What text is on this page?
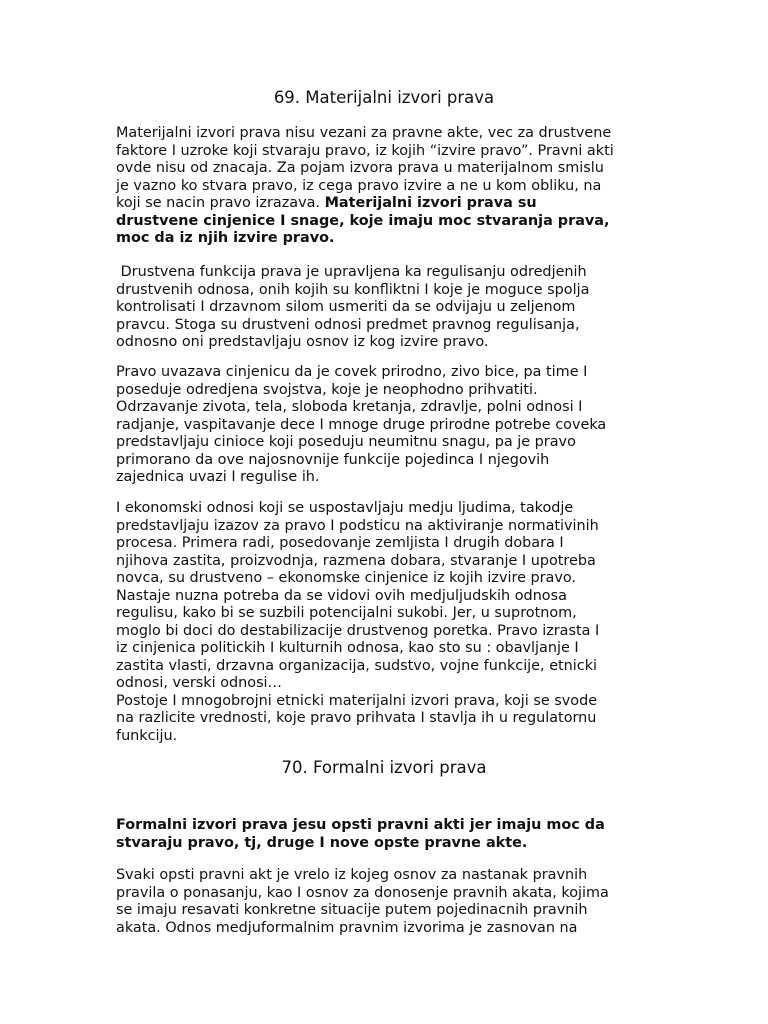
69. Materijalni izvori prava
Materijalni izvori prava nisu vezani za pravne akte, vec za drustvene
faktore I uzroke koji stvaraju pravo, iz kojih “izvire pravo”. Pravni akti
ovde nisu od znacaja. Za pojam izvora prava u materijalnom smislu
je vazno ko stvara pravo, iz cega pravo izvire a ne u kom obliku, na
koji se nacin pravo izrazava. Materijalni izvori prava su
drustvene cinjenice I snage, koje imaju moc stvaranja prava,
moc da iz njih izvire pravo.
Drustvena funkcija prava je upravljena ka regulisanju odredjenih
drustvenih odnosa, onih kojih su konfliktni I koje je moguce spolja
kontrolisati I drzavnom silom usmeriti da se odvijaju u zeljenom
pravcu. Stoga su drustveni odnosi predmet pravnog regulisanja,
odnosno oni predstavljaju osnov iz kog izvire pravo.
Pravo uvazava cinjenicu da je covek prirodno, zivo bice, pa time I
poseduje odredjena svojstva, koje je neophodno prihvatiti.
Odrzavanje zivota, tela, sloboda kretanja, zdravlje, polni odnosi I
radjanje, vaspitavanje dece I mnoge druge prirodne potrebe coveka
predstavljaju cinioce koji poseduju neumitnu snagu, pa je pravo
primorano da ove najosnovnije funkcije pojedinca I njegovih
zajednica uvazi I regulise ih.
I ekonomski odnosi koji se uspostavljaju medju ljudima, takodje
predstavljaju izazov za pravo I podsticu na aktiviranje normativinih
procesa. Primera radi, posedovanje zemljista I drugih dobara I
njihova zastita, proizvodnja, razmena dobara, stvaranje I upotreba
novca, su drustveno – ekonomske cinjenice iz kojih izvire pravo.
Nastaje nuzna potreba da se vidovi ovih medjuljudskih odnosa
regulisu, kako bi se suzbili potencijalni sukobi. Jer, u suprotnom,
moglo bi doci do destabilizacije drustvenog poretka. Pravo izrasta I
iz cinjenica politickih I kulturnih odnosa, kao sto su : obavljanje I
zastita vlasti, drzavna organizacija, sudstvo, vojne funkcije, etnicki
odnosi, verski odnosi…
Postoje I mnogobrojni etnicki materijalni izvori prava, koji se svode
na razlicite vrednosti, koje pravo prihvata I stavlja ih u regulatornu
funkciju.
70. Formalni izvori prava
Formalni izvori prava jesu opsti pravni akti jer imaju moc da
stvaraju pravo, tj, druge I nove opste pravne akte.
Svaki opsti pravni akt je vrelo iz kojeg osnov za nastanak pravnih
pravila o ponasanju, kao I osnov za donosenje pravnih akata, kojima
se imaju resavati konkretne situacije putem pojedinacnih pravnih
akata. Odnos medjuformalnim pravnim izvorima je zasnovan na
